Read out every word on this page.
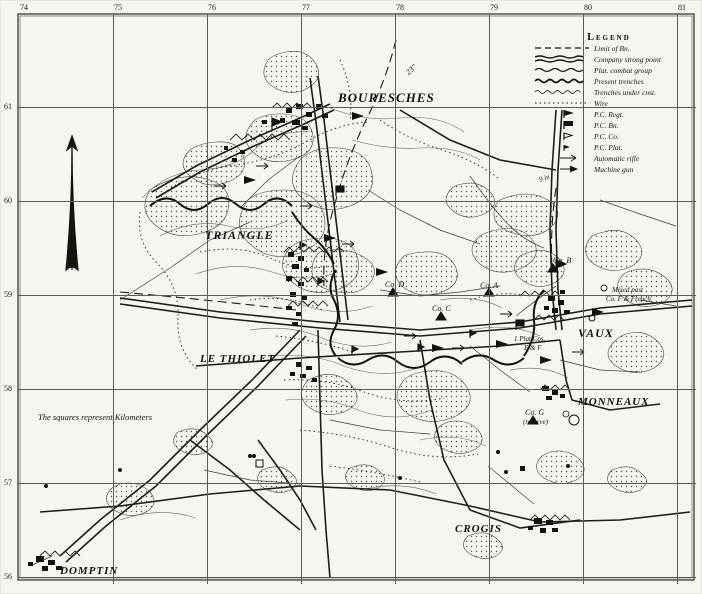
74	75	76	77	78	79	80	81
61
60
59
58
57
56
BOURESCHES
TRIANGLE
LE THIOLET
VAUX
MONNEAUX
CROGIS
DOMPTIN
Co. D
Co. C
Co. A
Co. B
Co. G
(reserve)
Mixed post
Co. F & French
1 Plat Cos.
E & F
23"
9 in
The squares represent Kilometers
Legend
Limit of Bn.
Company strong point
Plat. combat group
Present trenches
Trenches under cnst.
Wire
P.C. Regt.
P.C. Bn.
P.C. Co.
P.C. Plat.
Automatic rifle
Machine gun
